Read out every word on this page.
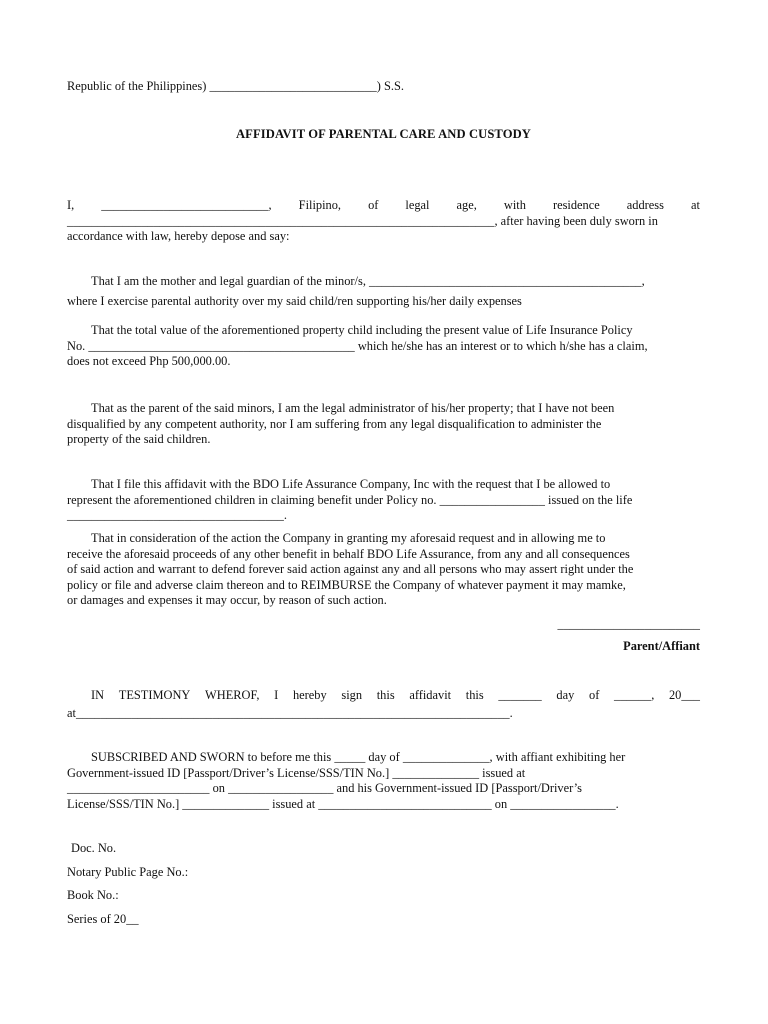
Republic of the Philippines) ___________________________) S.S.

AFFIDAVIT OF PARENTAL CARE AND CUSTODY

I, ___________________________, Filipino, of legal age, with residence address at
_____________________________________________________________________, after having been duly sworn in
accordance with law, hereby depose and say:
That I am the mother and legal guardian of the minor/s, ____________________________________________,
where I exercise parental authority over my said child/ren supporting his/her daily expenses
That the total value of the aforementioned property child including the present value of Life Insurance Policy
No. ___________________________________________ which he/she has an interest or to which h/she has a claim,
does not exceed Php 500,000.00.
That as the parent of the said minors, I am the legal administrator of his/her property; that I have not been
disqualified by any competent authority, nor I am suffering from any legal disqualification to administer the
property of the said children.
That I file this affidavit with the BDO Life Assurance Company, Inc with the request that I be allowed to
represent the aforementioned children in claiming benefit under Policy no. _________________ issued on the life
___________________________________.
That in consideration of the action the Company in granting my aforesaid request and in allowing me to
receive the aforesaid proceeds of any other benefit in behalf BDO Life Assurance, from any and all consequences
of said action and warrant to defend forever said action against any and all persons who may assert right under the
policy or file and adverse claim thereon and to REIMBURSE the Company of whatever payment it may mamke,
or damages and expenses it may occur, by reason of such action.
_______________________
Parent/Affiant
IN TESTIMONY WHEROF, I hereby sign this affidavit this _______ day of ______, 20___
at______________________________________________________________________.
SUBSCRIBED AND SWORN to before me this _____ day of ______________, with affiant exhibiting her
Government-issued ID [Passport/Driver’s License/SSS/TIN No.] ______________ issued at
_______________________ on _________________ and his Government-issued ID [Passport/Driver’s
License/SSS/TIN No.] ______________ issued at ____________________________ on _________________.
Doc. No.
Notary Public Page No.:
Book No.:
Series of 20__
